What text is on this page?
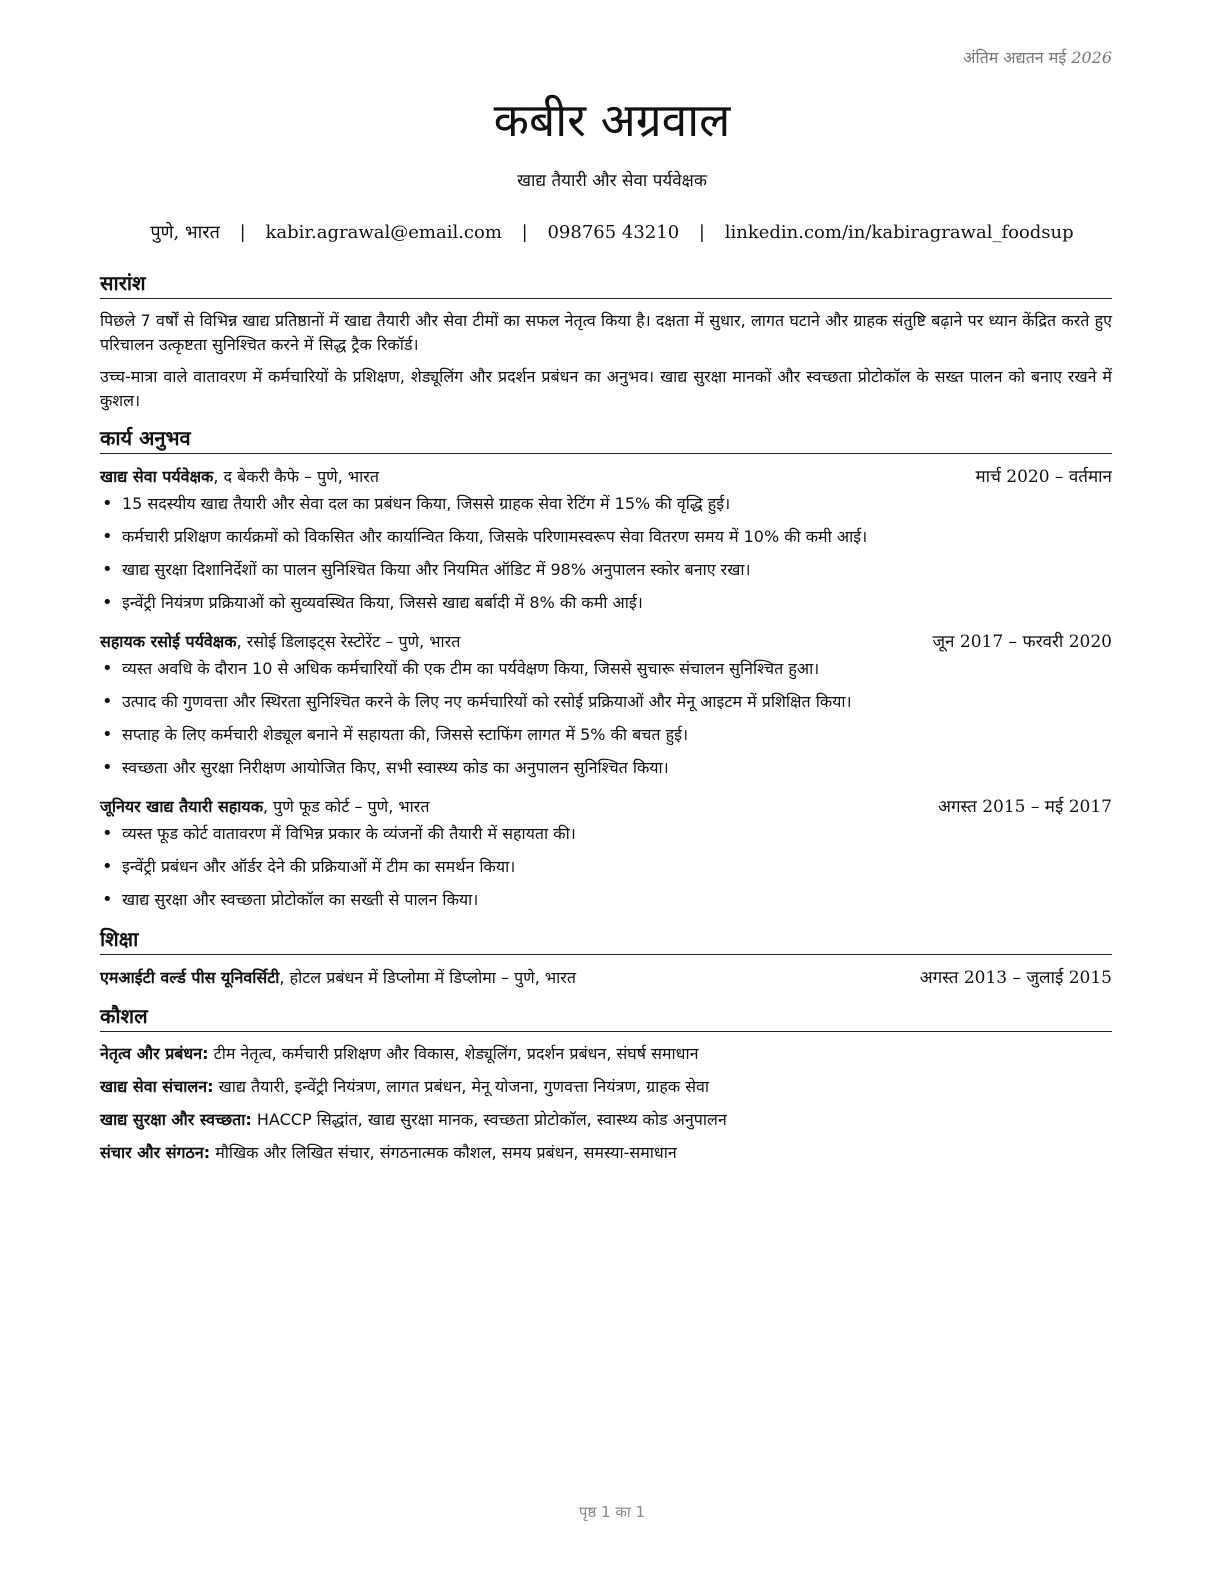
अंतिम अद्यतन मई 2026
कबीर अग्रवाल
खाद्य तैयारी और सेवा पर्यवेक्षक
पुणे, भारत | kabir.agrawal@email.com | 098765 43210 | linkedin.com/in/kabiragrawal_foodsup
सारांश

पिछले 7 वर्षों से विभिन्न खाद्य प्रतिष्ठानों में खाद्य तैयारी और सेवा टीमों का सफल नेतृत्व किया है। दक्षता में सुधार, लागत घटाने और ग्राहक संतुष्टि बढ़ाने पर ध्यान केंद्रित करते हुए परिचालन उत्कृष्टता सुनिश्चित करने में सिद्ध ट्रैक रिकॉर्ड।

उच्च-मात्रा वाले वातावरण में कर्मचारियों के प्रशिक्षण, शेड्यूलिंग और प्रदर्शन प्रबंधन का अनुभव। खाद्य सुरक्षा मानकों और स्वच्छता प्रोटोकॉल के सख्त पालन को बनाए रखने में कुशल।

कार्य अनुभव
खाद्य सेवा पर्यवेक्षक, द बेकरी कैफे – पुणे, भारत	मार्च 2020 – वर्तमान
• 15 सदस्यीय खाद्य तैयारी और सेवा दल का प्रबंधन किया, जिससे ग्राहक सेवा रेटिंग में 15% की वृद्धि हुई।
• कर्मचारी प्रशिक्षण कार्यक्रमों को विकसित और कार्यान्वित किया, जिसके परिणामस्वरूप सेवा वितरण समय में 10% की कमी आई।
• खाद्य सुरक्षा दिशानिर्देशों का पालन सुनिश्चित किया और नियमित ऑडिट में 98% अनुपालन स्कोर बनाए रखा।
• इन्वेंट्री नियंत्रण प्रक्रियाओं को सुव्यवस्थित किया, जिससे खाद्य बर्बादी में 8% की कमी आई।
सहायक रसोई पर्यवेक्षक, रसोई डिलाइट्स रेस्टोरेंट – पुणे, भारत	जून 2017 – फरवरी 2020
• व्यस्त अवधि के दौरान 10 से अधिक कर्मचारियों की एक टीम का पर्यवेक्षण किया, जिससे सुचारू संचालन सुनिश्चित हुआ।
• उत्पाद की गुणवत्ता और स्थिरता सुनिश्चित करने के लिए नए कर्मचारियों को रसोई प्रक्रियाओं और मेनू आइटम में प्रशिक्षित किया।
• सप्ताह के लिए कर्मचारी शेड्यूल बनाने में सहायता की, जिससे स्टाफिंग लागत में 5% की बचत हुई।
• स्वच्छता और सुरक्षा निरीक्षण आयोजित किए, सभी स्वास्थ्य कोड का अनुपालन सुनिश्चित किया।
जूनियर खाद्य तैयारी सहायक, पुणे फूड कोर्ट – पुणे, भारत	अगस्त 2015 – मई 2017
• व्यस्त फूड कोर्ट वातावरण में विभिन्न प्रकार के व्यंजनों की तैयारी में सहायता की।
• इन्वेंट्री प्रबंधन और ऑर्डर देने की प्रक्रियाओं में टीम का समर्थन किया।
• खाद्य सुरक्षा और स्वच्छता प्रोटोकॉल का सख्ती से पालन किया।
शिक्षा
एमआईटी वर्ल्ड पीस यूनिवर्सिटी, होटल प्रबंधन में डिप्लोमा में डिप्लोमा – पुणे, भारत	अगस्त 2013 – जुलाई 2015
कौशल
नेतृत्व और प्रबंधन: टीम नेतृत्व, कर्मचारी प्रशिक्षण और विकास, शेड्यूलिंग, प्रदर्शन प्रबंधन, संघर्ष समाधान
खाद्य सेवा संचालन: खाद्य तैयारी, इन्वेंट्री नियंत्रण, लागत प्रबंधन, मेनू योजना, गुणवत्ता नियंत्रण, ग्राहक सेवा
खाद्य सुरक्षा और स्वच्छता: HACCP सिद्धांत, खाद्य सुरक्षा मानक, स्वच्छता प्रोटोकॉल, स्वास्थ्य कोड अनुपालन
संचार और संगठन: मौखिक और लिखित संचार, संगठनात्मक कौशल, समय प्रबंधन, समस्या-समाधान
पृष्ठ 1 का 1
